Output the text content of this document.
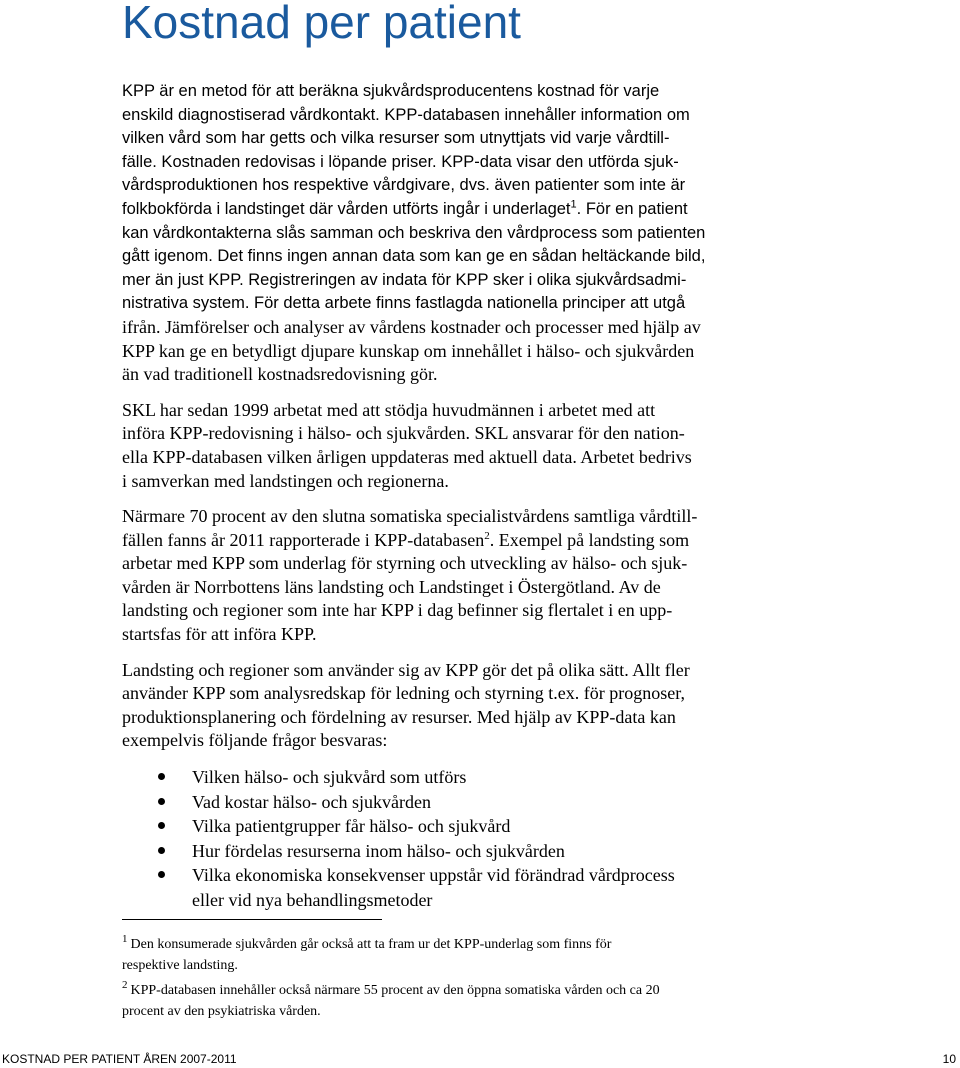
Kostnad per patient

KPP är en metod för att beräkna sjukvårdsproducentens kostnad för varje
enskild diagnostiserad vårdkontakt. KPP-databasen innehåller information om
vilken vård som har getts och vilka resurser som utnyttjats vid varje vårdtill-
fälle. Kostnaden redovisas i löpande priser. KPP-data visar den utförda sjuk-
vårdsproduktionen hos respektive vårdgivare, dvs. även patienter som inte är
folkbokförda i landstinget där vården utförts ingår i underlaget$^1$. För en patient
kan vårdkontakterna slås samman och beskriva den vårdprocess som patienten
gått igenom. Det finns ingen annan data som kan ge en sådan heltäckande bild,
mer än just KPP. Registreringen av indata för KPP sker i olika sjukvårdsadmi-
nistrativa system. För detta arbete finns fastlagda nationella principer att utgå
ifrån. Jämförelser och analyser av vårdens kostnader och processer med hjälp av
KPP kan ge en betydligt djupare kunskap om innehållet i hälso- och sjukvården
än vad traditionell kostnadsredovisning gör.

SKL har sedan 1999 arbetat med att stödja huvudmännen i arbetet med att
införa KPP-redovisning i hälso- och sjukvården. SKL ansvarar för den nation-
ella KPP-databasen vilken årligen uppdateras med aktuell data. Arbetet bedrivs
i samverkan med landstingen och regionerna.

Närmare 70 procent av den slutna somatiska specialistvårdens samtliga vårdtill-
fällen fanns år 2011 rapporterade i KPP-databasen$^2$. Exempel på landsting som
arbetar med KPP som underlag för styrning och utveckling av hälso- och sjuk-
vården är Norrbottens läns landsting och Landstinget i Östergötland. Av de
landsting och regioner som inte har KPP i dag befinner sig flertalet i en upp-
startsfas för att införa KPP.

Landsting och regioner som använder sig av KPP gör det på olika sätt. Allt fler
använder KPP som analysredskap för ledning och styrning t.ex. för prognoser,
produktionsplanering och fördelning av resurser. Med hjälp av KPP-data kan
exempelvis följande frågor besvaras:

Vilken hälso- och sjukvård som utförs
Vad kostar hälso- och sjukvården
Vilka patientgrupper får hälso- och sjukvård
Hur fördelas resurserna inom hälso- och sjukvården
Vilka ekonomiska konsekvenser uppstår vid förändrad vårdprocess
eller vid nya behandlingsmetoder

$^1$ Den konsumerade sjukvården går också att ta fram ur det KPP-underlag som finns för
respektive landsting.

$^2$ KPP-databasen innehåller också närmare 55 procent av den öppna somatiska vården och ca 20
procent av den psykiatriska vården.

KOSTNAD PER PATIENT ÅREN 2007-2011	10
